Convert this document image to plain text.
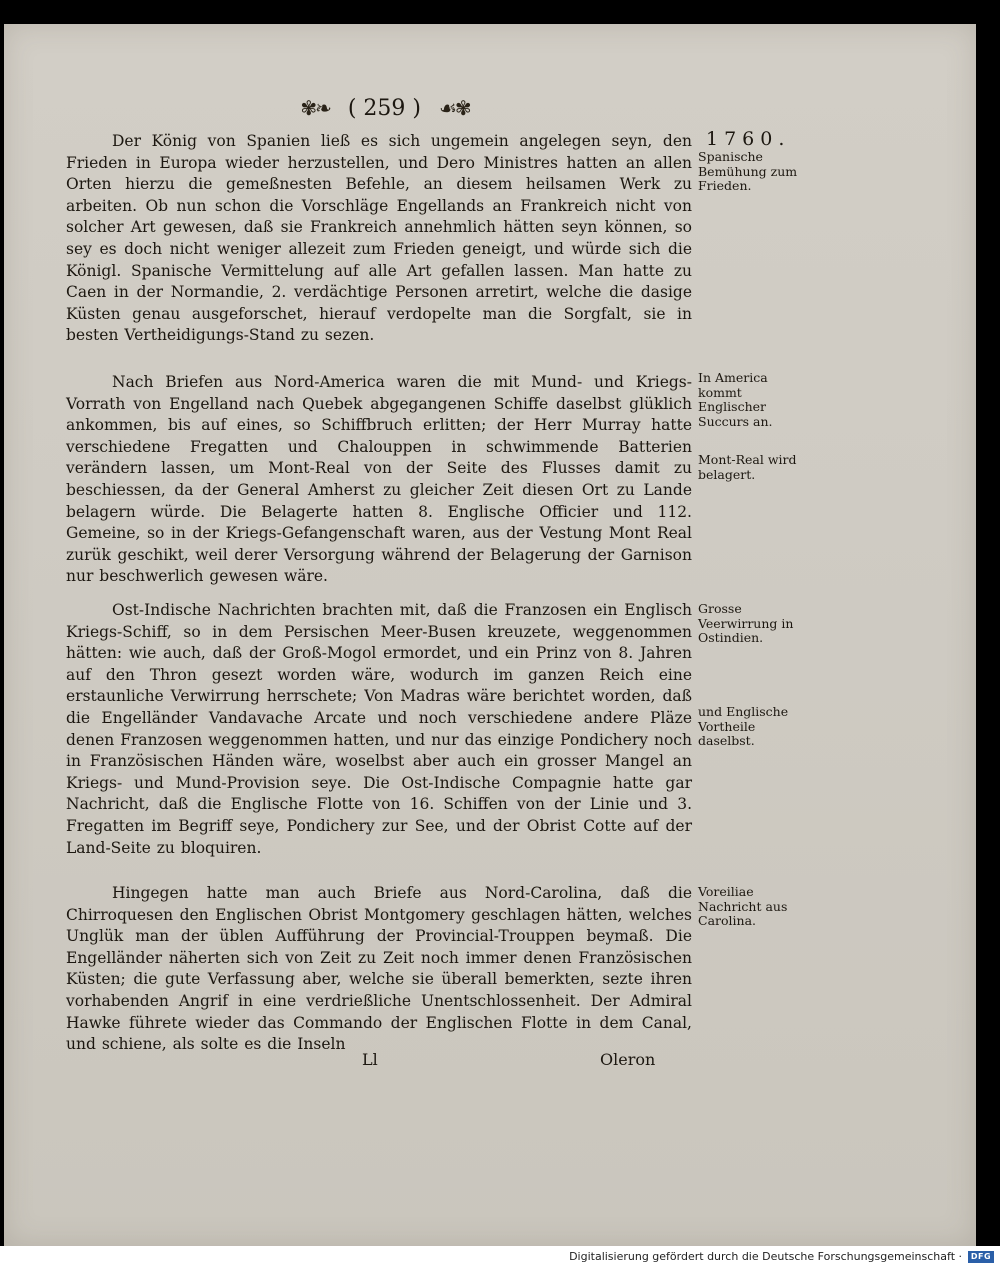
✾❧ ( 259 ) ☙✾
1760.

Der König von Spanien ließ es sich ungemein angelegen seyn, den Frieden in Europa wieder herzustellen, und Dero Ministres hatten an allen Orten hierzu die gemeßnesten Befehle, an diesem heilsamen Werk zu arbeiten. Ob nun schon die Vorschläge Engellands an Frankreich nicht von solcher Art gewesen, daß sie Frankreich annehmlich hätten seyn können, so sey es doch nicht weniger allezeit zum Frieden geneigt, und würde sich die Königl. Spanische Vermittelung auf alle Art gefallen lassen. Man hatte zu Caen in der Normandie, 2. verdächtige Personen arretirt, welche die dasige Küsten genau ausgeforschet, hierauf verdopelte man die Sorgfalt, sie in besten Vertheidigungs-Stand zu sezen.

Nach Briefen aus Nord-America waren die mit Mund- und Kriegs-Vorrath von Engelland nach Quebek abgegangenen Schiffe daselbst glüklich ankommen, bis auf eines, so Schiffbruch erlitten; der Herr Murray hatte verschiedene Fregatten und Chalouppen in schwimmende Batterien verändern lassen, um Mont-Real von der Seite des Flusses damit zu beschiessen, da der General Amherst zu gleicher Zeit diesen Ort zu Lande belagern würde. Die Belagerte hatten 8. Englische Officier und 112. Gemeine, so in der Kriegs-Gefangenschaft waren, aus der Vestung Mont Real zurük geschikt, weil derer Versorgung während der Belagerung der Garnison nur beschwerlich gewesen wäre.

Ost-Indische Nachrichten brachten mit, daß die Franzosen ein Englisch Kriegs-Schiff, so in dem Persischen Meer-Busen kreuzete, weggenommen hätten: wie auch, daß der Groß-Mogol ermordet, und ein Prinz von 8. Jahren auf den Thron gesezt worden wäre, wodurch im ganzen Reich eine erstaunliche Verwirrung herrschete; Von Madras wäre berichtet worden, daß die Engelländer Vandavache Arcate und noch verschiedene andere Pläze denen Franzosen weggenommen hatten, und nur das einzige Pondichery noch in Französischen Händen wäre, woselbst aber auch ein grosser Mangel an Kriegs- und Mund-Provision seye. Die Ost-Indische Compagnie hatte gar Nachricht, daß die Englische Flotte von 16. Schiffen von der Linie und 3. Fregatten im Begriff seye, Pondichery zur See, und der Obrist Cotte auf der Land-Seite zu bloquiren.

Hingegen hatte man auch Briefe aus Nord-Carolina, daß die Chirroquesen den Englischen Obrist Montgomery geschlagen hätten, welches Unglük man der üblen Aufführung der Provincial-Trouppen beymaß. Die Engelländer näherten sich von Zeit zu Zeit noch immer denen Französischen Küsten; die gute Verfassung aber, welche sie überall bemerkten, sezte ihren vorhabenden Angrif in eine verdrießliche Unentschlossenheit. Der Admiral Hawke führete wieder das Commando der Englischen Flotte in dem Canal, und schiene, als solte es die Inseln

Spanische Bemühung zum Frieden.

In America kommt Englischer Succurs an.

Mont-Real wird belagert.

Grosse Veerwirrung in Ostindien.

und Englische Vortheile daselbst.

Voreiliae Nachricht aus Carolina.

Ll	Oleron
Digitalisierung gefördert durch die Deutsche Forschungsgemeinschaft ·	DFG
